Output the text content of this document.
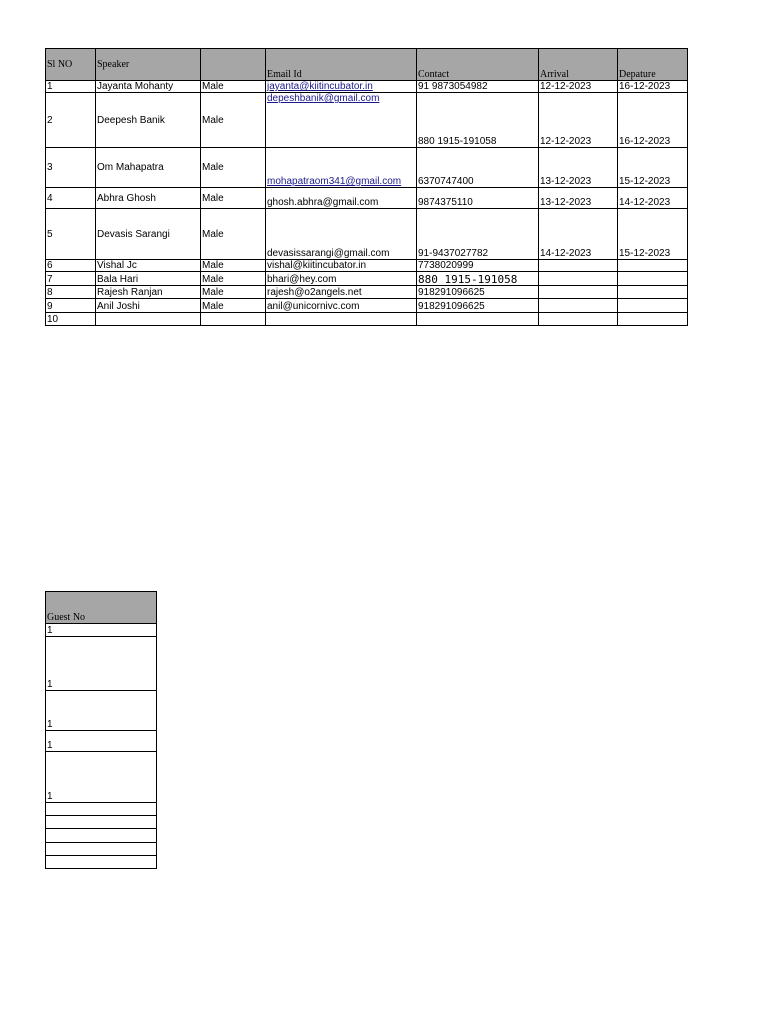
Sl NO	Speaker		Email Id	Contact	Arrival	Depature
1	Jayanta Mohanty	Male	jayanta@kiitincubator.in	91 9873054982	12-12-2023	16-12-2023
2	Deepesh Banik	Male	depeshbanik@gmail.com	880 1915-191058	12-12-2023	16-12-2023
3	Om Mahapatra	Male	mohapatraom341@gmail.com	6370747400	13-12-2023	15-12-2023
4	Abhra Ghosh	Male	ghosh.abhra@gmail.com	9874375110	13-12-2023	14-12-2023
5	Devasis Sarangi	Male	devasissarangi@gmail.com	91-9437027782	14-12-2023	15-12-2023
6	Vishal Jc	Male	vishal@kiitincubator.in	7738020999		
7	Bala Hari	Male	bhari@hey.com	880 1915-191058		
8	Rajesh Ranjan	Male	rajesh@o2angels.net	918291096625		
9	Anil Joshi	Male	anil@unicornivc.com	918291096625		
10						
Guest No
1
1
1
1
1
